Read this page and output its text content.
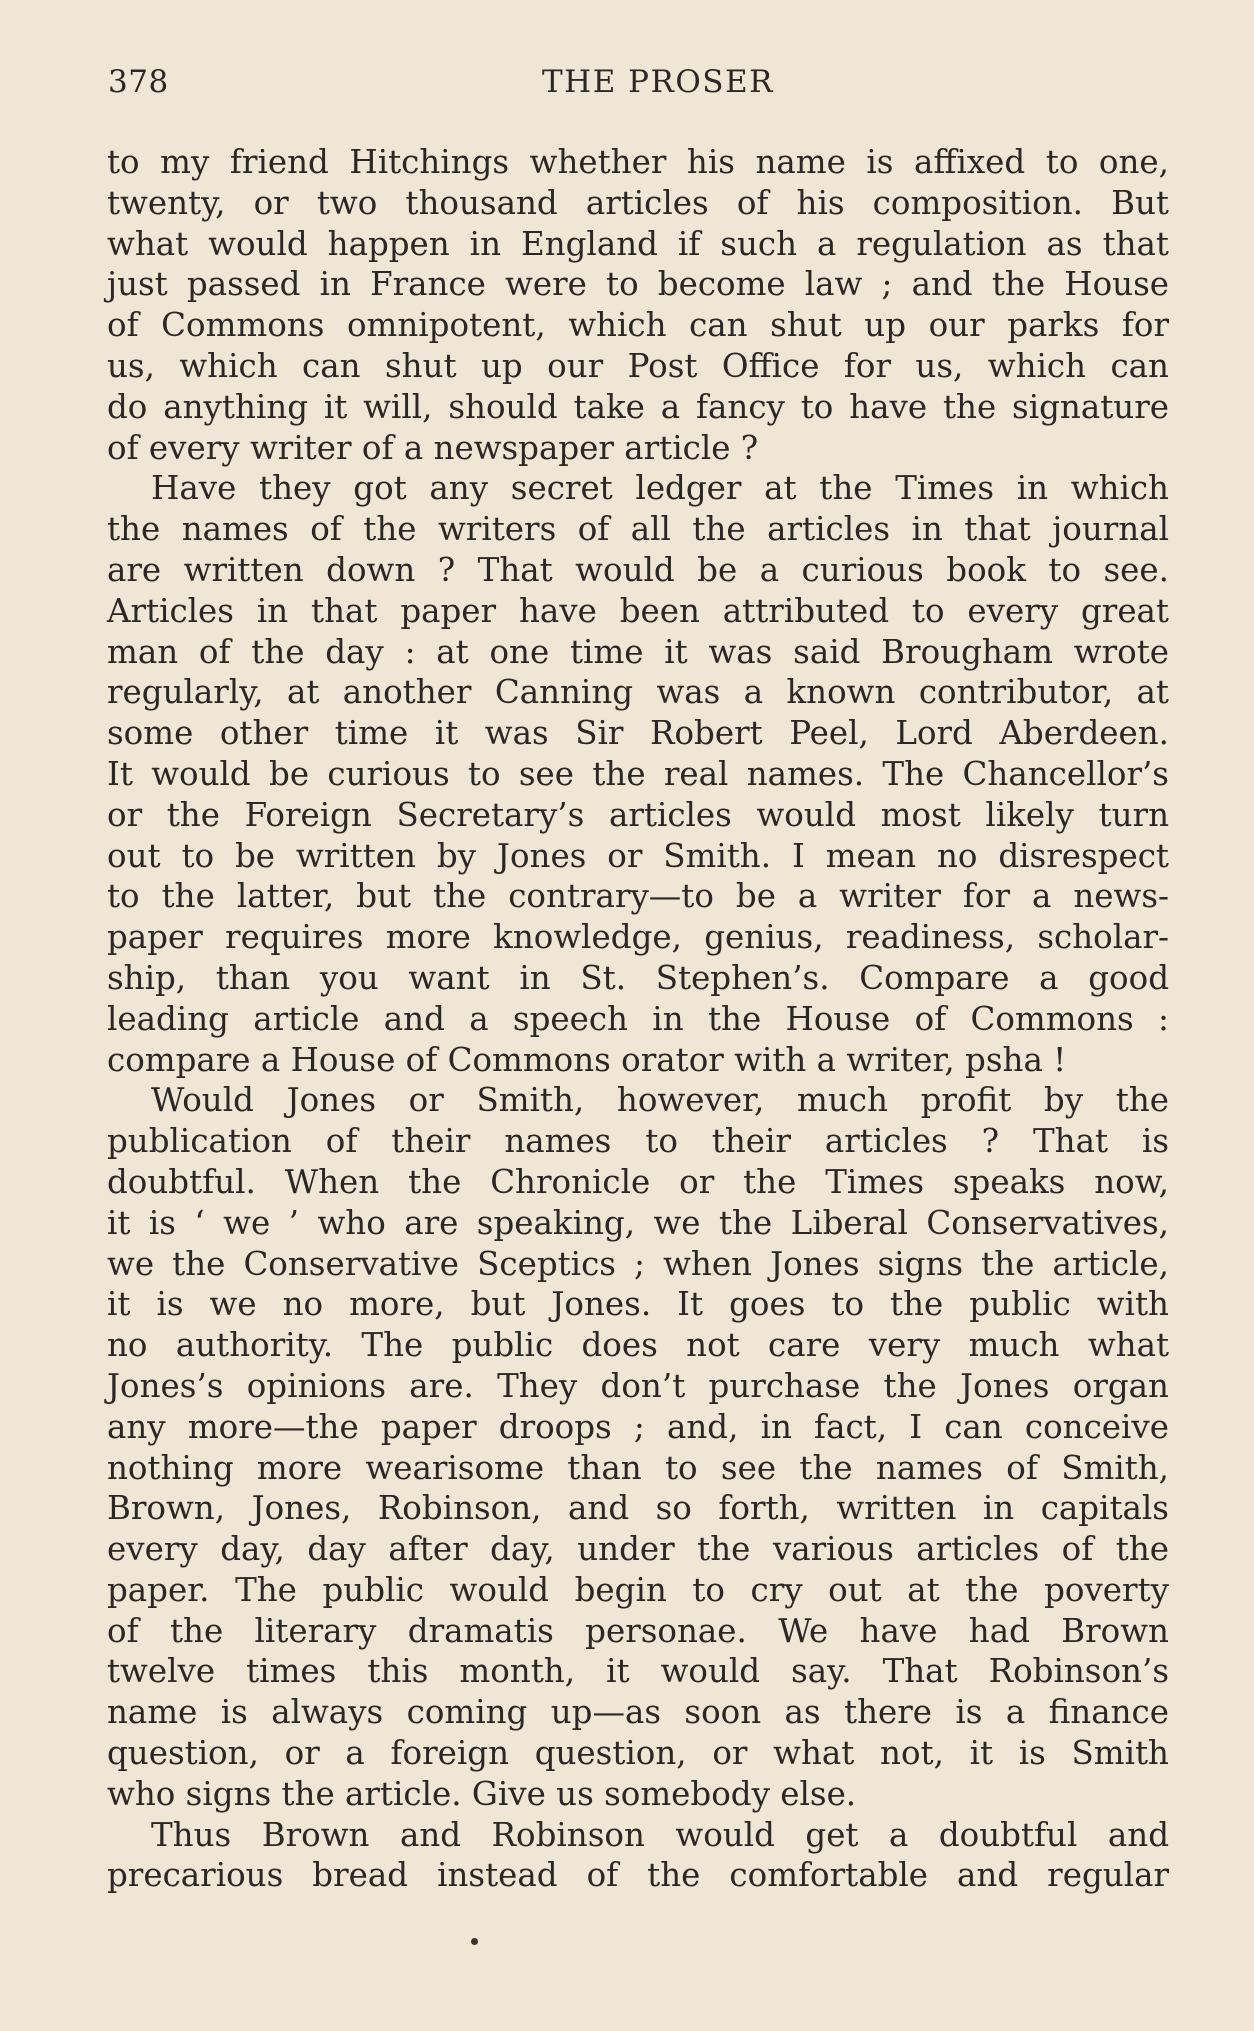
378	THE PROSER
to my friend Hitchings whether his name is affixed to one,
twenty, or two thousand articles of his composition. But
what would happen in England if such a regulation as that
just passed in France were to become law ; and the House
of Commons omnipotent, which can shut up our parks for
us, which can shut up our Post Office for us, which can
do anything it will, should take a fancy to have the signature
of every writer of a newspaper article ?
Have they got any secret ledger at the Times in which
the names of the writers of all the articles in that journal
are written down ? That would be a curious book to see.
Articles in that paper have been attributed to every great
man of the day : at one time it was said Brougham wrote
regularly, at another Canning was a known contributor, at
some other time it was Sir Robert Peel, Lord Aberdeen.
It would be curious to see the real names. The Chancellor’s
or the Foreign Secretary’s articles would most likely turn
out to be written by Jones or Smith. I mean no disrespect
to the latter, but the contrary—to be a writer for a news-
paper requires more knowledge, genius, readiness, scholar-
ship, than you want in St. Stephen’s. Compare a good
leading article and a speech in the House of Commons :
compare a House of Commons orator with a writer, psha !
Would Jones or Smith, however, much profit by the
publication of their names to their articles ? That is
doubtful. When the Chronicle or the Times speaks now,
it is ‘ we ’ who are speaking, we the Liberal Conservatives,
we the Conservative Sceptics ; when Jones signs the article,
it is we no more, but Jones. It goes to the public with
no authority. The public does not care very much what
Jones’s opinions are. They don’t purchase the Jones organ
any more—the paper droops ; and, in fact, I can conceive
nothing more wearisome than to see the names of Smith,
Brown, Jones, Robinson, and so forth, written in capitals
every day, day after day, under the various articles of the
paper. The public would begin to cry out at the poverty
of the literary dramatis personae. We have had Brown
twelve times this month, it would say. That Robinson’s
name is always coming up—as soon as there is a finance
question, or a foreign question, or what not, it is Smith
who signs the article. Give us somebody else.
Thus Brown and Robinson would get a doubtful and
precarious bread instead of the comfortable and regular
